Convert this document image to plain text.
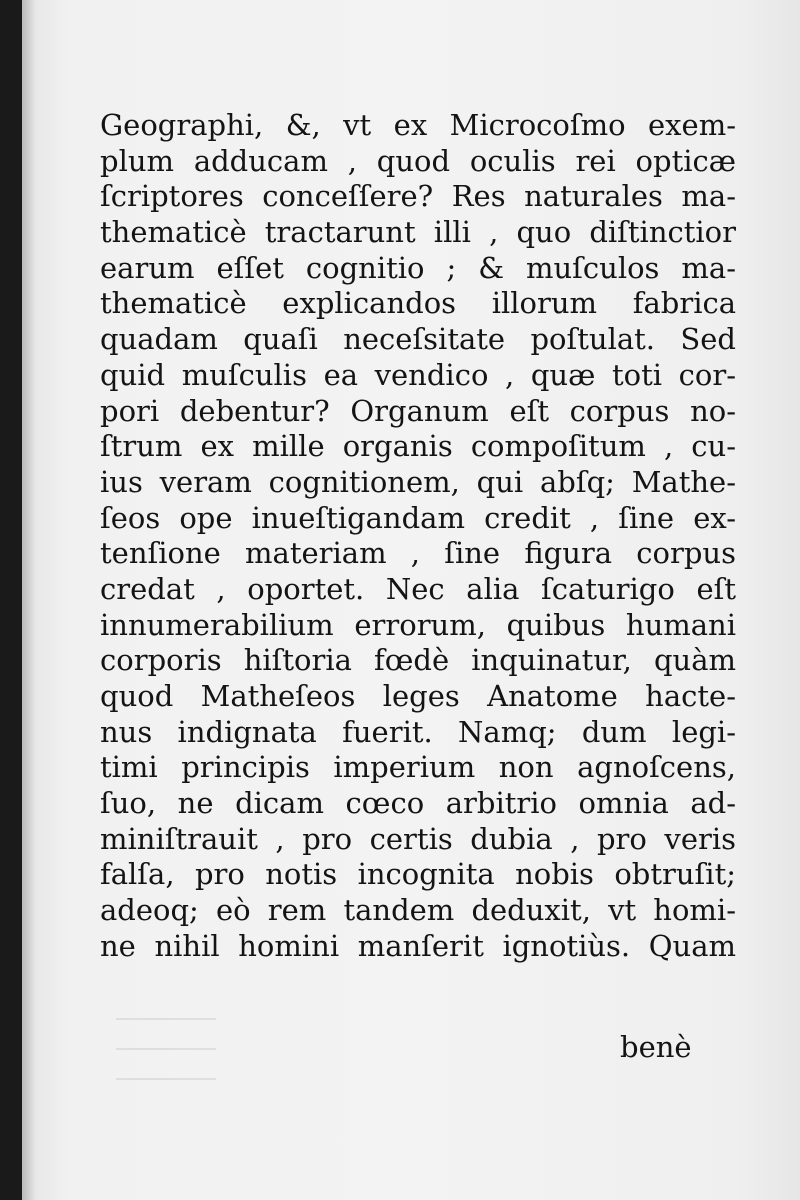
Geographi, &, vt ex Microcoſmo exem-
plum adducam , quod oculis rei opticæ
ſcriptores conceſſere? Res naturales ma-
thematicè tractarunt illi , quo diſtinctior
earum eſſet cognitio ; & muſculos ma-
thematicè explicandos illorum fabrica
quadam quaſi neceſsitate poſtulat. Sed
quid muſculis ea vendico , quæ toti cor-
pori debentur? Organum eſt corpus no-
ſtrum ex mille organis compoſitum , cu-
ius veram cognitionem, qui abſq; Mathe-
ſeos ope inueſtigandam credit , ſine ex-
tenſione materiam , ſine figura corpus
credat , oportet. Nec alia ſcaturigo eſt
innumerabilium errorum, quibus humani
corporis hiſtoria fœdè inquinatur, quàm
quod Matheſeos leges Anatome hacte-
nus indignata fuerit. Namq; dum legi-
timi principis imperium non agnoſcens,
ſuo, ne dicam cœco arbitrio omnia ad-
miniſtrauit , pro certis dubia , pro veris
falſa, pro notis incognita nobis obtruſit;
adeoq; eò rem tandem deduxit, vt homi-
ne nihil homini manſerit ignotiùs. Quam
benè
